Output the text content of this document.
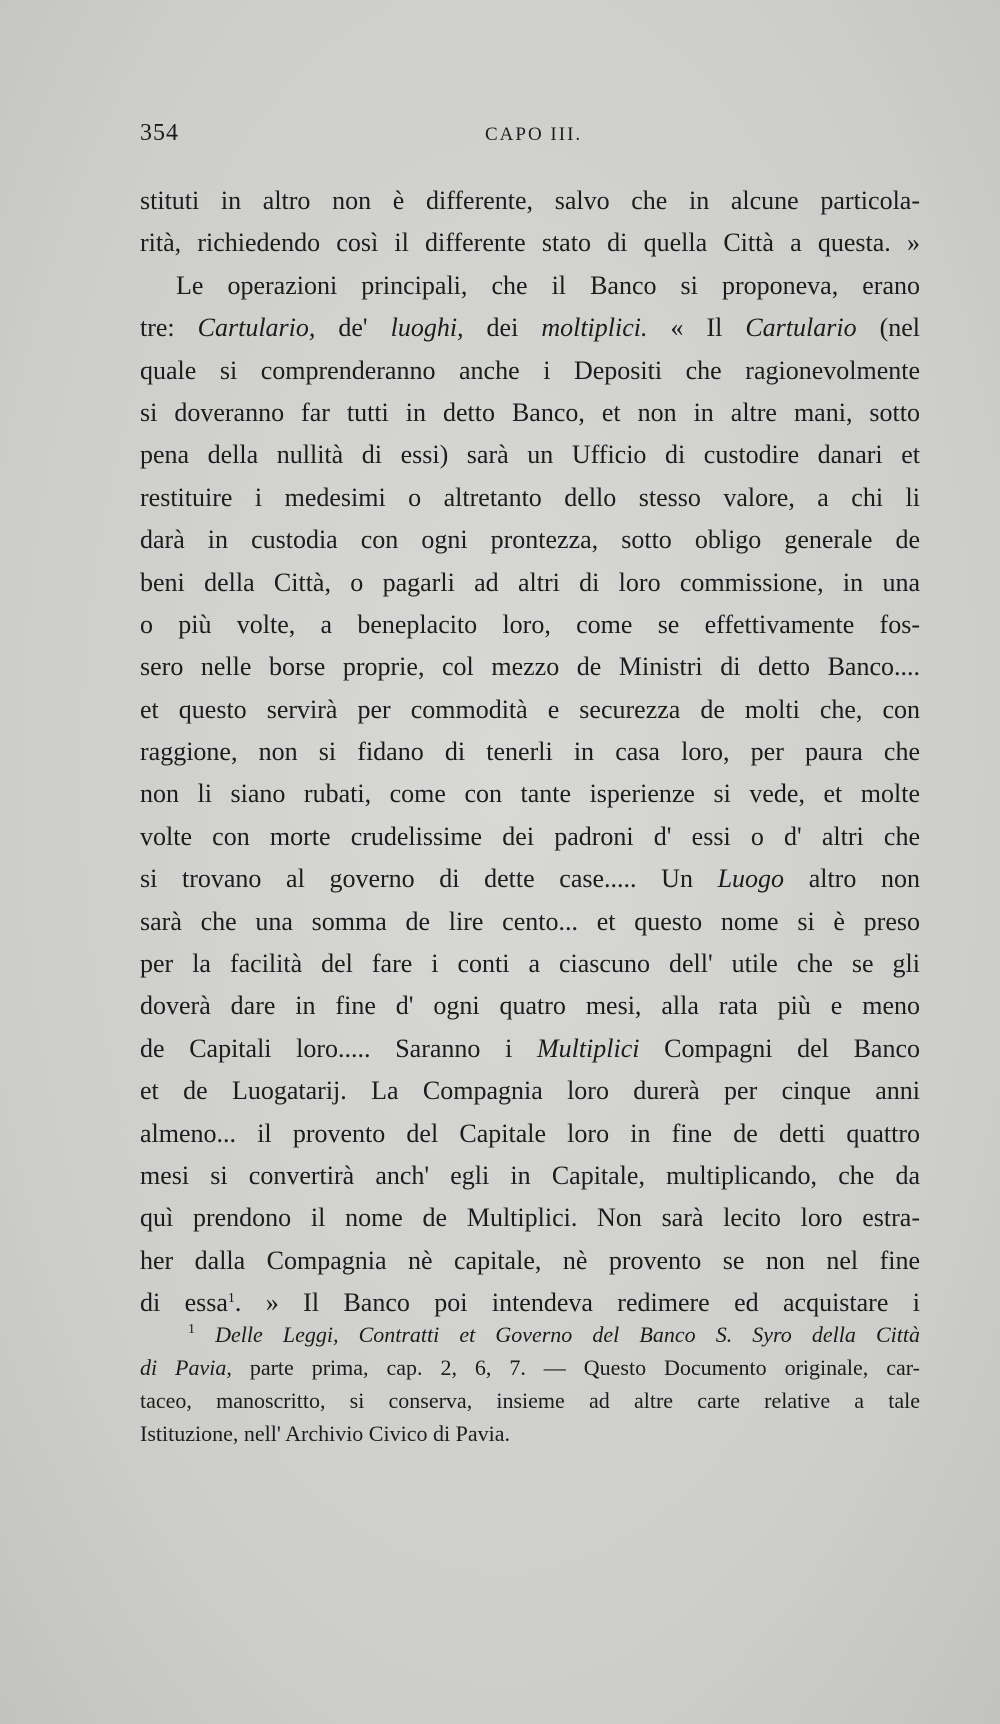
354	CAPO III.
stituti in altro non è differente, salvo che in alcune particola-
rità, richiedendo così il differente stato di quella Città a questa. »
Le operazioni principali, che il Banco si proponeva, erano
tre: Cartulario, de' luoghi, dei moltiplici. « Il Cartulario (nel
quale si comprenderanno anche i Depositi che ragionevolmente
si doveranno far tutti in detto Banco, et non in altre mani, sotto
pena della nullità di essi) sarà un Ufficio di custodire danari et
restituire i medesimi o altretanto dello stesso valore, a chi li
darà in custodia con ogni prontezza, sotto obligo generale de
beni della Città, o pagarli ad altri di loro commissione, in una
o più volte, a beneplacito loro, come se effettivamente fos-
sero nelle borse proprie, col mezzo de Ministri di detto Banco....
et questo servirà per commodità e securezza de molti che, con
raggione, non si fidano di tenerli in casa loro, per paura che
non li siano rubati, come con tante isperienze si vede, et molte
volte con morte crudelissime dei padroni d' essi o d' altri che
si trovano al governo di dette case..... Un Luogo altro non
sarà che una somma de lire cento... et questo nome si è preso
per la facilità del fare i conti a ciascuno dell' utile che se gli
doverà dare in fine d' ogni quatro mesi, alla rata più e meno
de Capitali loro..... Saranno i Multiplici Compagni del Banco
et de Luogatarij. La Compagnia loro durerà per cinque anni
almeno... il provento del Capitale loro in fine de detti quattro
mesi si convertirà anch' egli in Capitale, multiplicando, che da
quì prendono il nome de Multiplici. Non sarà lecito loro estra-
her dalla Compagnia nè capitale, nè provento se non nel fine
di essa$^1$. » Il Banco poi intendeva redimere ed acquistare i
$^1$ Delle Leggi, Contratti et Governo del Banco S. Syro della Città
di Pavia, parte prima, cap. 2, 6, 7. — Questo Documento originale, car-
taceo, manoscritto, si conserva, insieme ad altre carte relative a tale
Istituzione, nell' Archivio Civico di Pavia.
